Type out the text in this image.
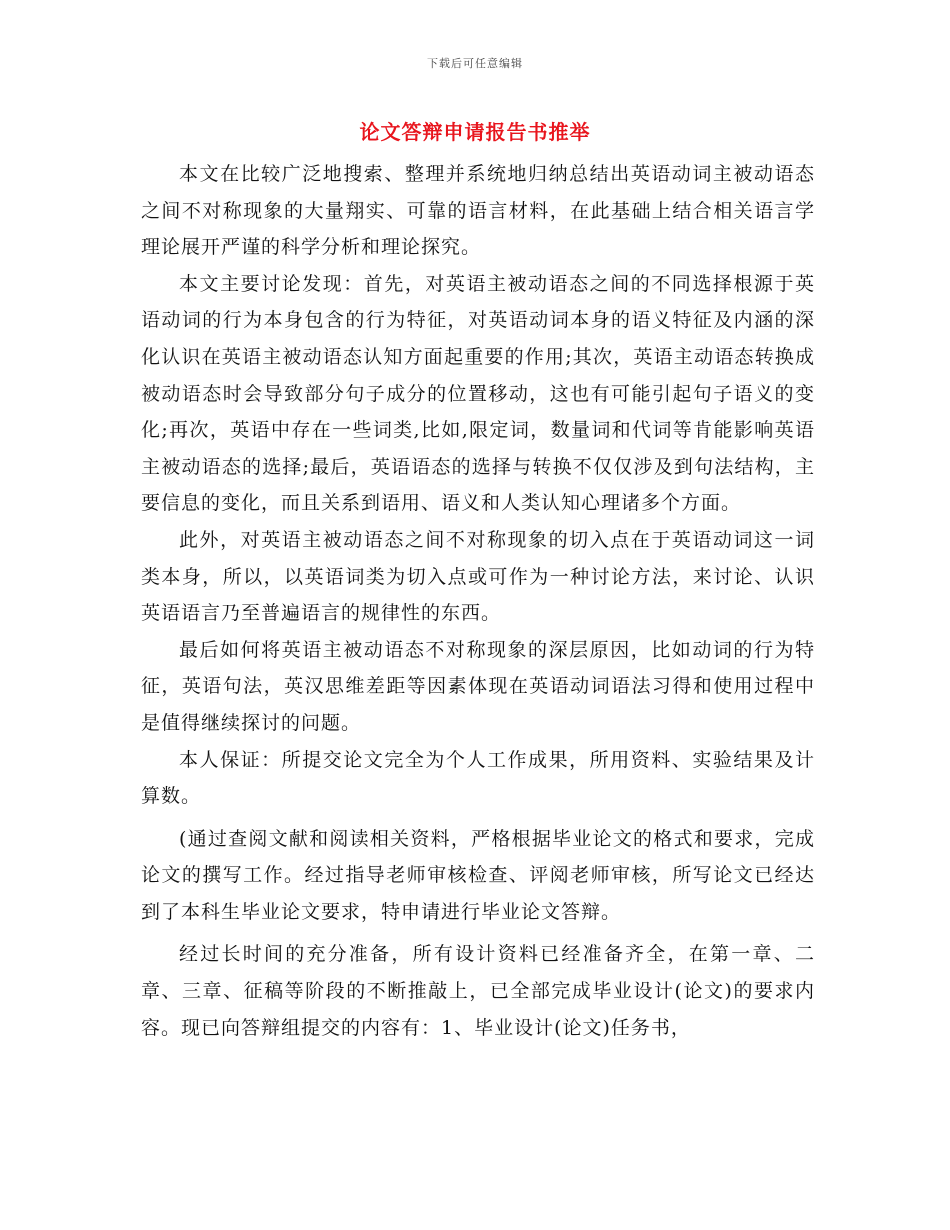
下载后可任意编辑
论文答辩申请报告书推举

本文在比较广泛地搜索、整理并系统地归纳总结出英语动词主被动语态之间不对称现象的大量翔实、可靠的语言材料，在此基础上结合相关语言学理论展开严谨的科学分析和理论探究。

本文主要讨论发现：首先，对英语主被动语态之间的不同选择根源于英语动词的行为本身包含的行为特征，对英语动词本身的语义特征及内涵的深化认识在英语主被动语态认知方面起重要的作用;其次，英语主动语态转换成被动语态时会导致部分句子成分的位置移动，这也有可能引起句子语义的变化;再次，英语中存在一些词类,比如,限定词，数量词和代词等肯能影响英语主被动语态的选择;最后，英语语态的选择与转换不仅仅涉及到句法结构，主要信息的变化，而且关系到语用、语义和人类认知心理诸多个方面。

此外，对英语主被动语态之间不对称现象的切入点在于英语动词这一词类本身，所以，以英语词类为切入点或可作为一种讨论方法，来讨论、认识英语语言乃至普遍语言的规律性的东西。

最后如何将英语主被动语态不对称现象的深层原因，比如动词的行为特征，英语句法，英汉思维差距等因素体现在英语动词语法习得和使用过程中是值得继续探讨的问题。

本人保证：所提交论文完全为个人工作成果，所用资料、实验结果及计算数。

(通过查阅文献和阅读相关资料，严格根据毕业论文的格式和要求，完成论文的撰写工作。经过指导老师审核检查、评阅老师审核，所写论文已经达到了本科生毕业论文要求，特申请进行毕业论文答辩。

经过长时间的充分准备，所有设计资料已经准备齐全，在第一章、二章、三章、征稿等阶段的不断推敲上，已全部完成毕业设计(论文)的要求内容。现已向答辩组提交的内容有：1、毕业设计(论文)任务书，
